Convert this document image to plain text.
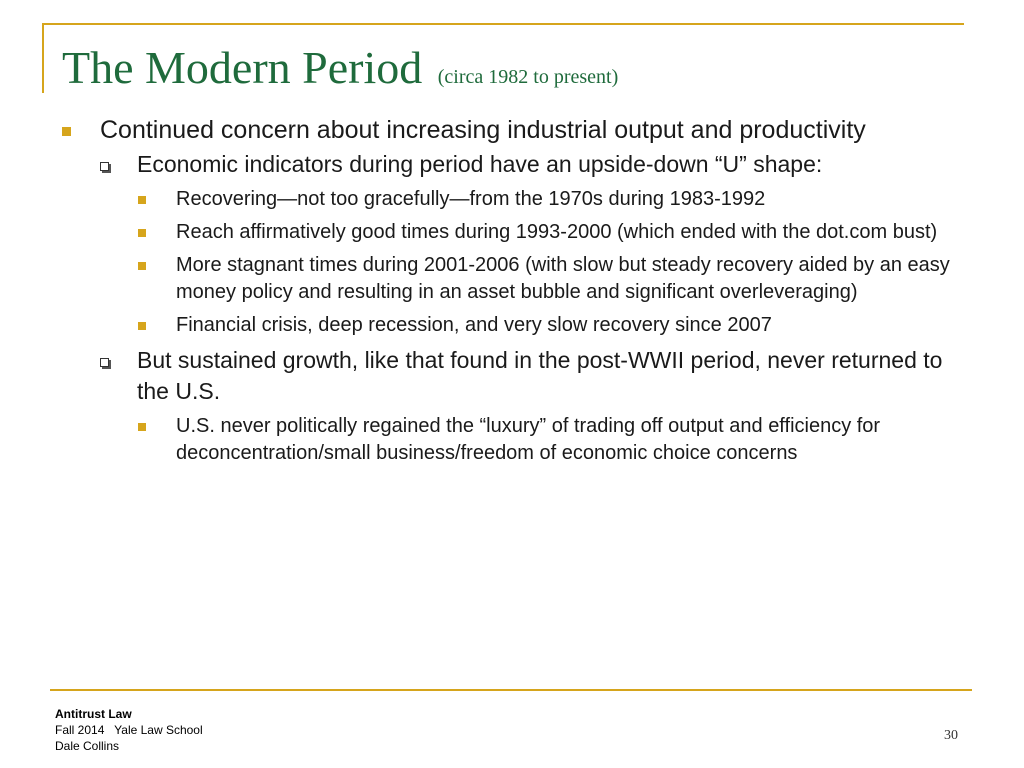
The Modern Period (circa 1982 to present)
Continued concern about increasing industrial output and productivity
Economic indicators during period have an upside-down “U” shape:
Recovering—not too gracefully—from the 1970s during 1983-1992
Reach affirmatively good times during 1993-2000 (which ended with the dot.com bust)
More stagnant times during 2001-2006 (with slow but steady recovery aided by an easy money policy and resulting in an asset bubble and significant overleveraging)
Financial crisis, deep recession, and very slow recovery since 2007
But sustained growth, like that found in the post-WWII period, never returned to the U.S.
U.S. never politically regained the “luxury” of trading off output and efficiency for deconcentration/small business/freedom of economic choice concerns
Antitrust Law
Fall 2014   Yale Law School
Dale Collins
30
